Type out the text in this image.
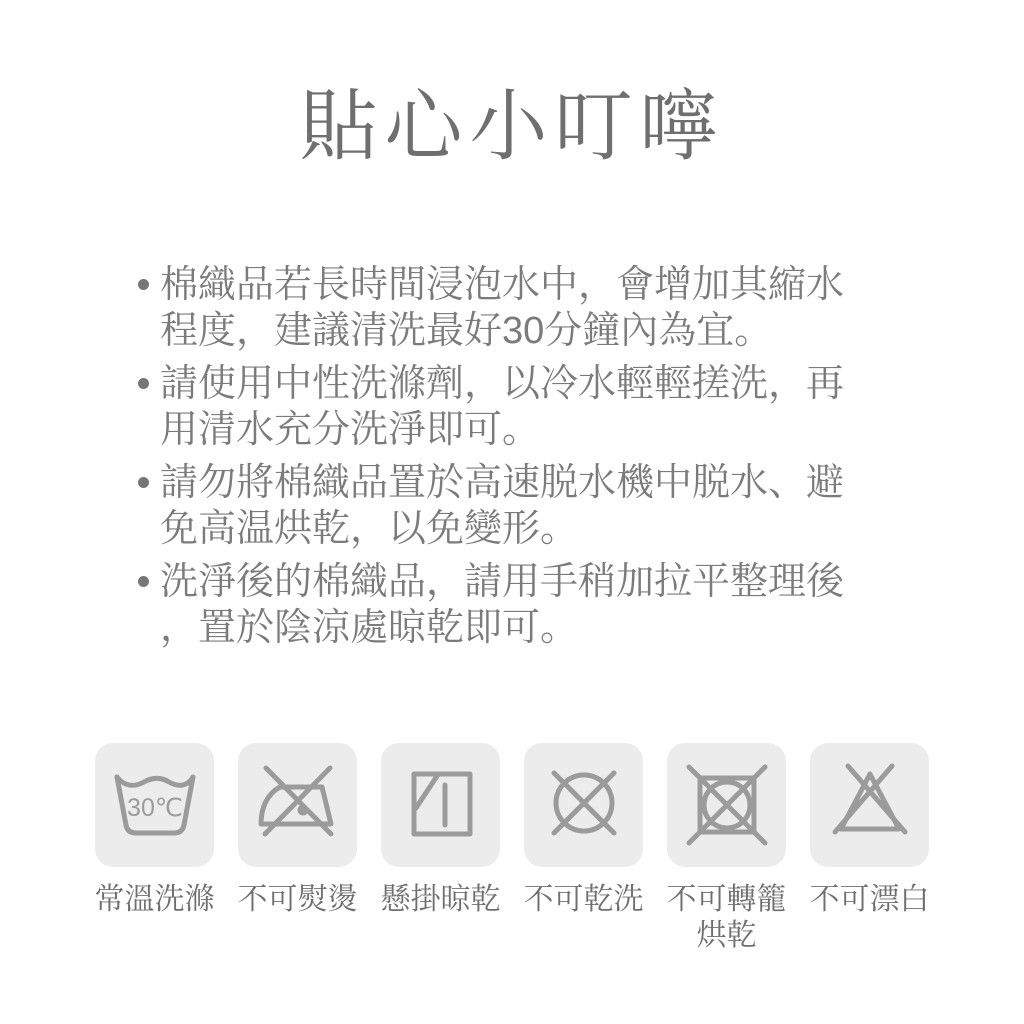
貼心小叮嚀
棉織品若長時間浸泡水中，會增加其縮水程度，建議清洗最好30分鐘內為宜。
請使用中性洗滌劑，以冷水輕輕搓洗，再用清水充分洗淨即可。
請勿將棉織品置於高速脱水機中脱水、避免高温烘乾，以免變形。
洗淨後的棉織品，請用手稍加拉平整理後，置於陰涼處晾乾即可。
30℃
常溫洗滌 不可熨燙 懸掛晾乾 不可乾洗 不可轉籠烘乾
不可漂白
